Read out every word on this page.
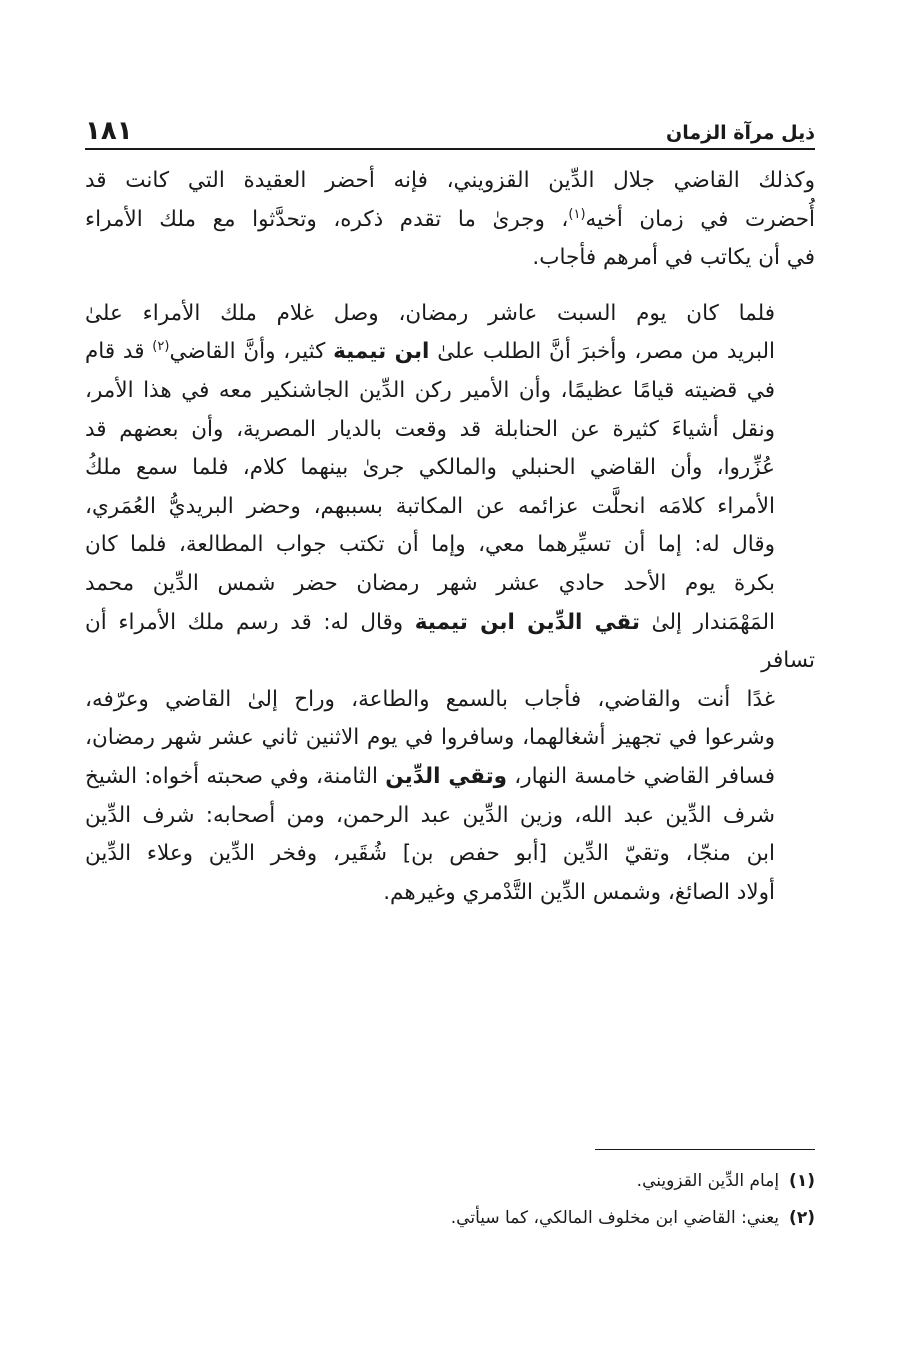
ذيل مرآة الزمان
١٨١

وكذلك القاضي جلال الدِّين القزويني، فإنه أحضر العقيدة التي كانت قد
أُحضرت في زمان أخيه$^{(١)}$، وجرىٰ ما تقدم ذكره، وتحدَّثوا مع ملك الأمراء
في أن يكاتب في أمرهم فأجاب.

فلما كان يوم السبت عاشر رمضان، وصل غلام ملك الأمراء علىٰ
البريد من مصر، وأخبرَ أنَّ الطلب علىٰ ابن تيمية كثير، وأنَّ القاضي$^{(٢)}$ قد قام
في قضيته قيامًا عظيمًا، وأن الأمير ركن الدِّين الجاشنكير معه في هذا الأمر،
ونقل أشياءَ كثيرة عن الحنابلة قد وقعت بالديار المصرية، وأن بعضهم قد
عُزِّروا، وأن القاضي الحنبلي والمالكي جرىٰ بينهما كلام، فلما سمع ملكُ
الأمراء كلامَه انحلَّت عزائمه عن المكاتبة بسببهم، وحضر البريديُّ العُمَري،
وقال له: إما أن تسيِّرهما معي، وإما أن تكتب جواب المطالعة، فلما كان
بكرة يوم الأحد حادي عشر شهر رمضان حضر شمس الدِّين محمد
المَهْمَندار إلىٰ تقي الدِّين ابن تيمية وقال له: قد رسم ملك الأمراء أن تسافر
غدًا أنت والقاضي، فأجاب بالسمع والطاعة، وراح إلىٰ القاضي وعرّفه،
وشرعوا في تجهيز أشغالهما، وسافروا في يوم الاثنين ثاني عشر شهر رمضان،
فسافر القاضي خامسة النهار، وتقي الدِّين الثامنة، وفي صحبته أخواه: الشيخ
شرف الدِّين عبد الله، وزين الدِّين عبد الرحمن، ومن أصحابه: شرف الدِّين
ابن منجّا، وتقيّ الدِّين [أبو حفص بن] شُقَير، وفخر الدِّين وعلاء الدِّين
أولاد الصائغ، وشمس الدِّين التَّدْمري وغيرهم.

(١)
إمام الدِّين القزويني.
(٢)
يعني: القاضي ابن مخلوف المالكي، كما سيأتي.
